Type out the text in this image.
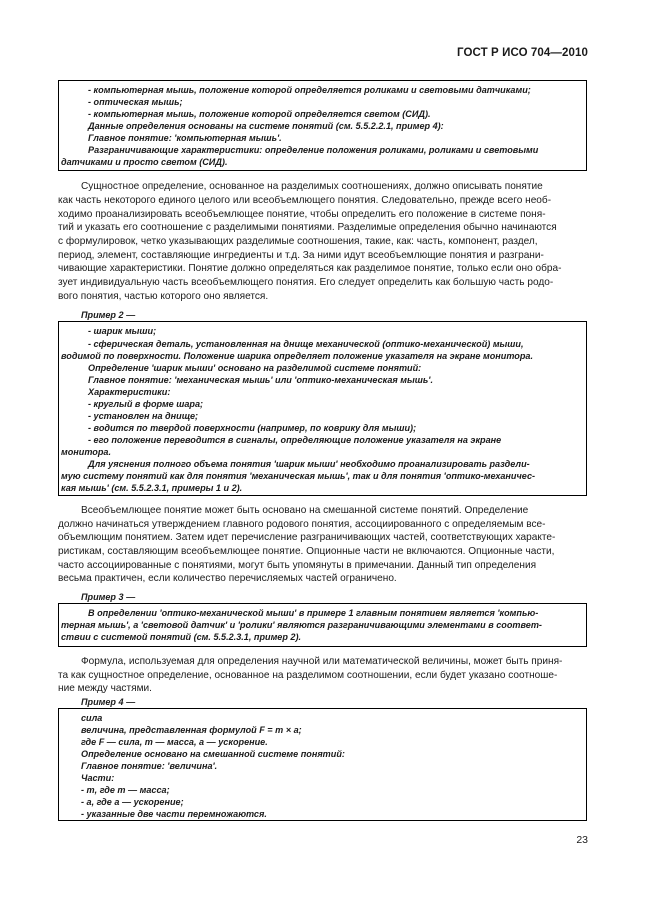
ГОСТ Р ИСО 704—2010
- компьютерная мышь, положение которой определяется роликами и световыми датчиками;
- оптическая мышь;
- компьютерная мышь, положение которой определяется светом (СИД).
Данные определения основаны на системе понятий (см. 5.5.2.2.1, пример 4):
Главное понятие: 'компьютерная мышь'.
Разграничивающие характеристики: определение положения роликами, роликами и световыми
датчиками и просто светом (СИД).
Сущностное определение, основанное на разделимых соотношениях, должно описывать понятие
как часть некоторого единого целого или всеобъемлющего понятия. Следовательно, прежде всего необ-
ходимо проанализировать всеобъемлющее понятие, чтобы определить его положение в системе поня-
тий и указать его соотношение с разделимыми понятиями. Разделимые определения обычно начинаются
с формулировок, четко указывающих разделимые соотношения, такие, как: часть, компонент, раздел,
период, элемент, составляющие ингредиенты и т.д. За ними идут всеобъемлющие понятия и разграни-
чивающие характеристики. Понятие должно определяться как разделимое понятие, только если оно обра-
зует индивидуальную часть всеобъемлющего понятия. Его следует определить как большую часть родо-
вого понятия, частью которого оно является.
Пример 2 —
- шарик мыши;
- сферическая деталь, установленная на днище механической (оптико-механической) мыши,
водимой по поверхности. Положение шарика определяет положение указателя на экране монитора.
Определение 'шарик мыши' основано на разделимой системе понятий:
Главное понятие: 'механическая мышь' или 'оптико-механическая мышь'.
Характеристики:
- круглый в форме шара;
- установлен на днище;
- водится по твердой поверхности (например, по коврику для мыши);
- его положение переводится в сигналы, определяющие положение указателя на экране
монитора.
Для уяснения полного объема понятия 'шарик мыши' необходимо проанализировать раздели-
мую систему понятий как для понятия 'механическая мышь', так и для понятия 'оптико-механичес-
кая мышь' (см. 5.5.2.3.1, примеры 1 и 2).
Всеобъемлющее понятие может быть основано на смешанной системе понятий. Определение
должно начинаться утверждением главного родового понятия, ассоциированного с определяемым все-
объемлющим понятием. Затем идет перечисление разграничивающих частей, соответствующих характе-
ристикам, составляющим всеобъемлющее понятие. Опционные части не включаются. Опционные части,
часто ассоциированные с понятиями, могут быть упомянуты в примечании. Данный тип определения
весьма практичен, если количество перечисляемых частей ограничено.
Пример 3 —
В определении 'оптико-механической мыши' в примере 1 главным понятием является 'компью-
терная мышь', а 'световой датчик' и 'ролики' являются разграничивающими элементами в соответ-
ствии с системой понятий (см. 5.5.2.3.1, пример 2).
Формула, используемая для определения научной или математической величины, может быть приня-
та как сущностное определение, основанное на разделимом соотношении, если будет указано соотноше-
ние между частями.
Пример 4 —
сила
величина, представленная формулой F = m × a;
где F — сила, m — масса, a — ускорение.
Определение основано на смешанной системе понятий:
Главное понятие: 'величина'.
Части:
- m, где m — масса;
- a, где a — ускорение;
- указанные две части перемножаются.
23
